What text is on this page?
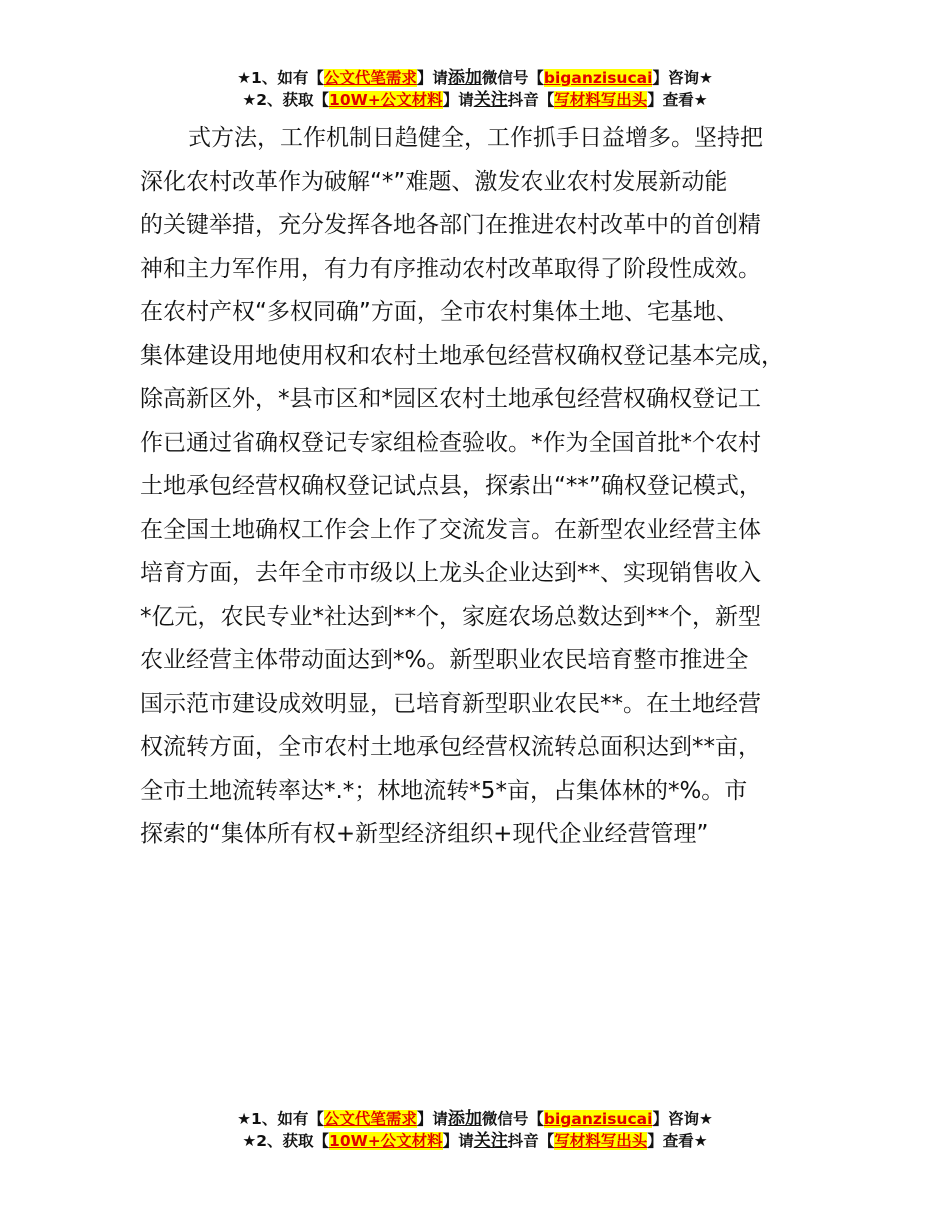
★1、如有【公文代笔需求】请添加微信号【biganzisucai】咨询★
★2、获取【10W+公文材料】请关注抖音【写材料写出头】查看★
式方法，工作机制日趋健全，工作抓手日益增多。坚持把
深化农村改革作为破解“*”难题、激发农业农村发展新动能
的关键举措，充分发挥各地各部门在推进农村改革中的首创精
神和主力军作用，有力有序推动农村改革取得了阶段性成效。
在农村产权“多权同确”方面，全市农村集体土地、宅基地、
集体建设用地使用权和农村土地承包经营权确权登记基本完成，
除高新区外，*县市区和*园区农村土地承包经营权确权登记工
作已通过省确权登记专家组检查验收。*作为全国首批*个农村
土地承包经营权确权登记试点县，探索出“**”确权登记模式，
在全国土地确权工作会上作了交流发言。在新型农业经营主体
培育方面，去年全市市级以上龙头企业达到**、实现销售收入
*亿元，农民专业*社达到**个，家庭农场总数达到**个，新型
农业经营主体带动面达到*%。新型职业农民培育整市推进全
国示范市建设成效明显，已培育新型职业农民**。在土地经营
权流转方面，全市农村土地承包经营权流转总面积达到**亩，
全市土地流转率达*.*；林地流转*5*亩，占集体林的*%。市
探索的“集体所有权+新型经济组织+现代企业经营管理”
★1、如有【公文代笔需求】请添加微信号【biganzisucai】咨询★
★2、获取【10W+公文材料】请关注抖音【写材料写出头】查看★
